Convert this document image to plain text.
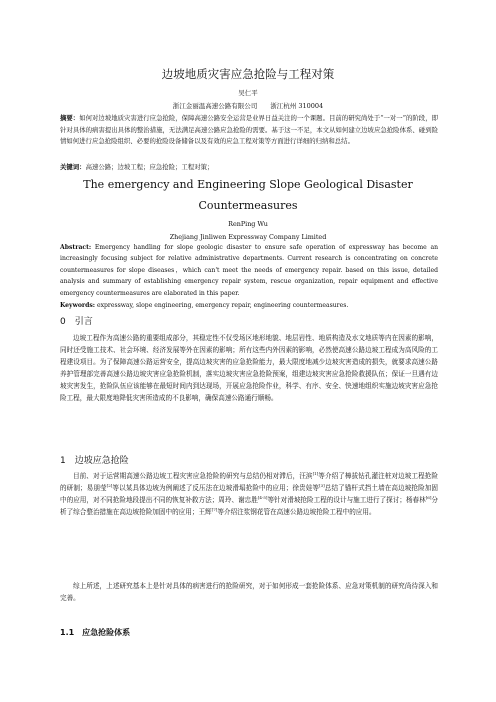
边坡地质灾害应急抢险与工程对策
吴仁平
浙江金丽温高速公路有限公司　　浙江杭州 310004
摘要：如何对边坡地质灾害进行应急抢险，保障高速公路安全运营是业界日益关注的一个课题。目前的研究尚处于“一对一”的阶段，即针对具体的病害提出具体的整治措施，无法满足高速公路应急抢险的需要。基于这一不足，本文从如何建立边坡应急抢险体系、碰到险情如何进行应急抢险组织、必要的抢险设备储备以及有效的应急工程对策等方面进行详细的归纳和总结。
关键词：高速公路；边坡工程；应急抢险；工程对策；
The emergency and Engineering Slope Geological Disaster
Countermeasures
RenPing Wu
Zhejiang Jinliwen Expressway Company Limited
Abstract: Emergency handling for slope geologic disaster to ensure safe operation of expressway has become an increasingly focusing subject for relative administrative departments. Current research is concentrating on concrete countermeasures for slope diseases，which can't meet the needs of emergency repair. based on this issue, detailed analysis and summary of establishing emergency repair system, rescue organization, repair equipment and effective emergency countermeasures are elaborated in this paper.
Keywords: expressway, slope engineering, emergency repair, engineering countermeasures.
0　引言
边坡工程作为高速公路的重要组成部分，其稳定性不仅受场区地形地貌、地层岩性、地质构造及水文地质等内在因素的影响，同时还受施工技术、社会环境、经济发展等外在因素的影响；所有这些内外因素的影响，必然使高速公路边坡工程成为高风险的工程建设项目。为了保障高速公路运营安全，提高边坡灾害的应急抢险能力，最大限度地减少边坡灾害造成的损失，就要求高速公路养护管理部完善高速公路边坡灾害应急抢险机制，落实边坡灾害应急抢险预案，组建边坡灾害应急抢险救援队伍；保证一旦遇有边坡灾害发生，抢险队伍应该能够在最短时间内到达现场，开展应急抢险作业，科学、有序、安全、快速地组织实施边坡灾害应急抢险工程，最大限度地降低灾害所造成的不良影响，确保高速公路通行顺畅。
1　边坡应急抢险
目前、对于运营期高速公路边坡工程灾害应急抢险的研究与总结仍相对滞后，汪滨[1]等介绍了樟拔钻孔灌注桩对边坡工程抢险的研制；易朋莹[2]等以某具体边坡为例阐述了反压法在边坡滑塌抢险中的应用；徐贵娃等[3]总结了锚杆式挡土墙在高边坡抢险加固中的应用，对不同抢险地段提出不同的恢复补救方法；周玲、谢忠胜[4-5]等针对滑坡抢险工程的设计与施工进行了探讨；杨春林[6]分析了综合整治措施在高边坡抢险加固中的应用；王辉[7]等介绍注浆钢花管在高速公路边坡抢险工程中的应用。
综上所述，上述研究基本上是针对具体的病害进行的抢险研究，对于如何形成一套抢险体系、应急对策机制的研究尚待深入和完善。
1.1　应急抢险体系
